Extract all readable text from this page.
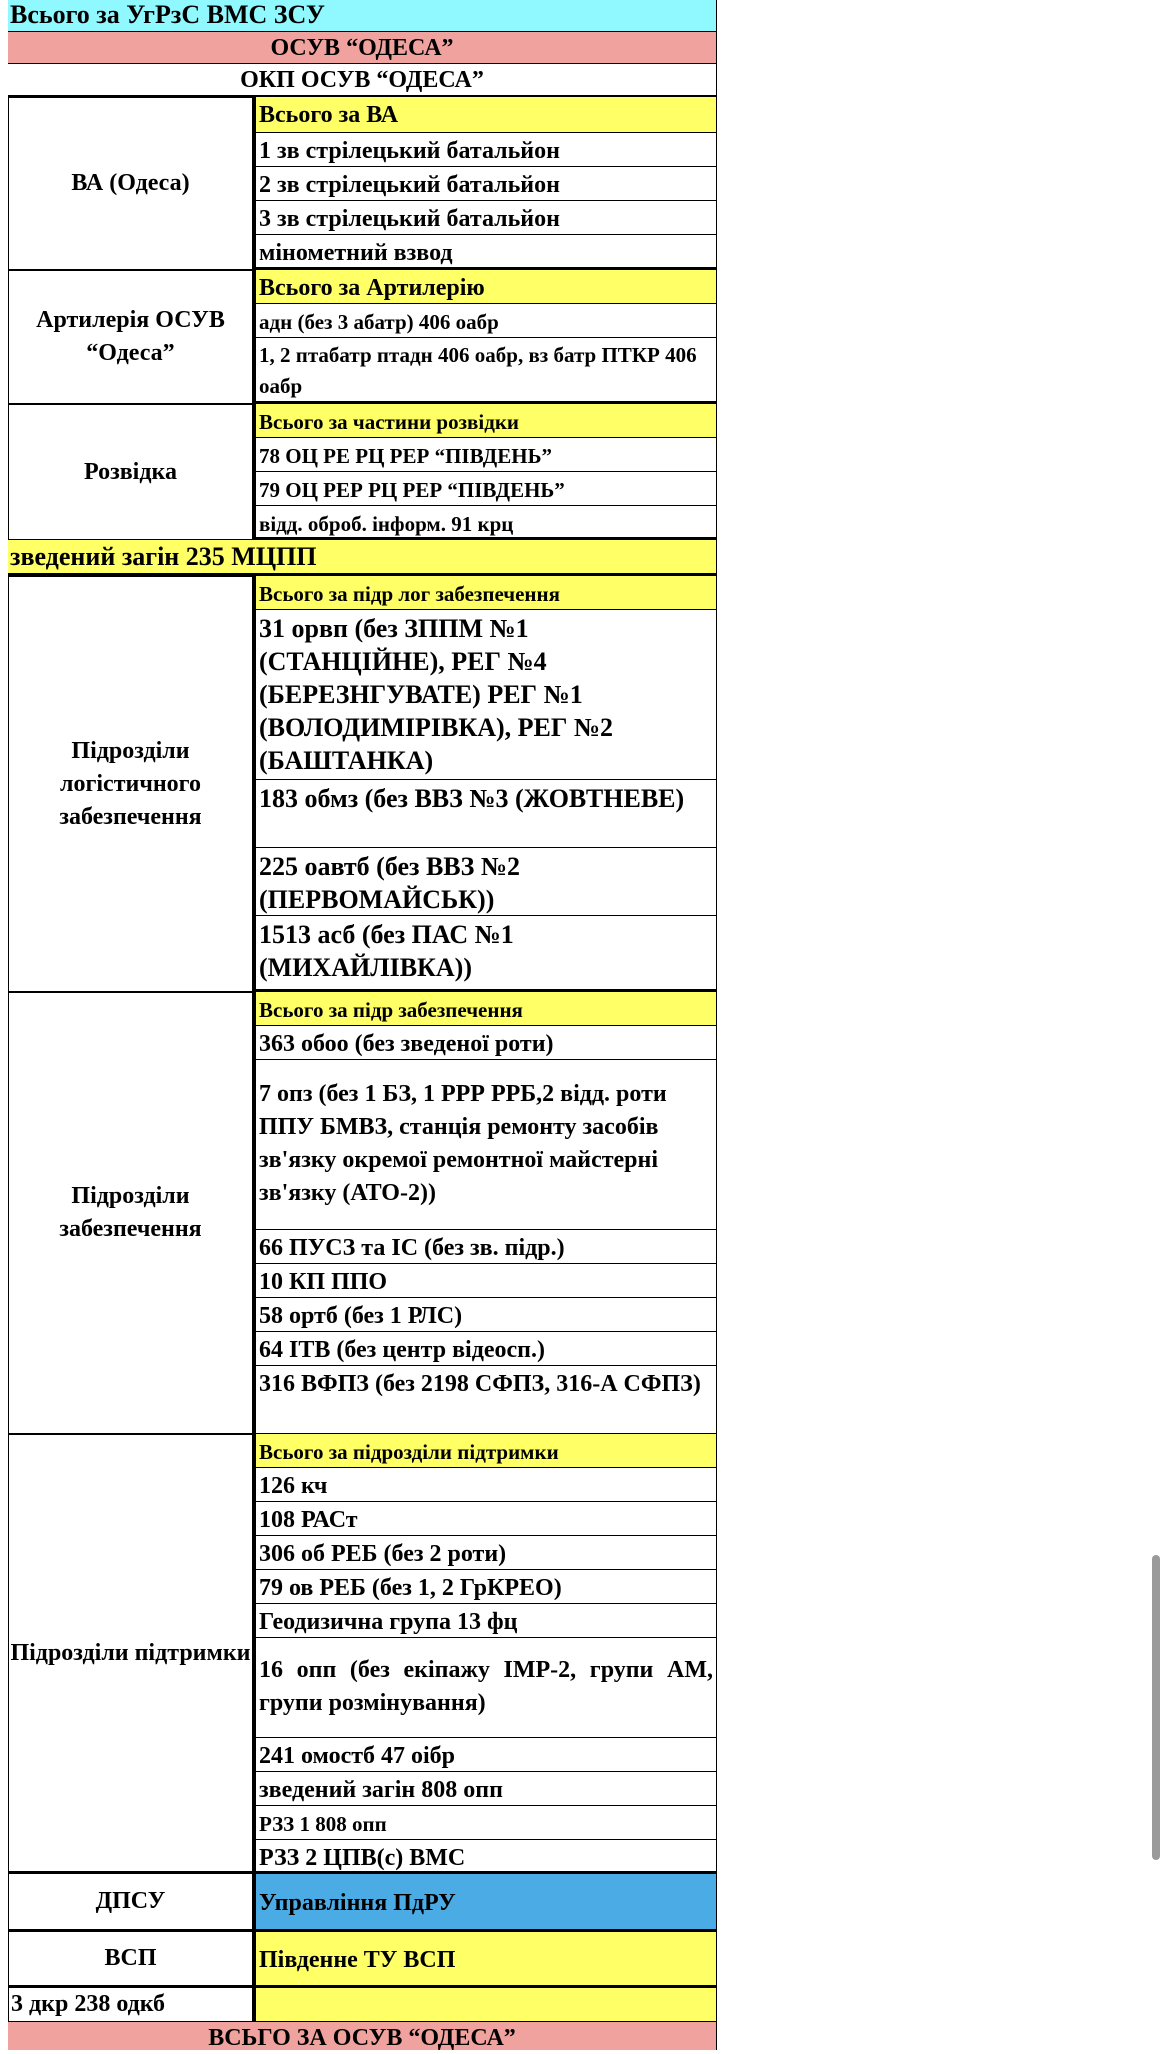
Всього за УгРзС ВМС ЗСУ
ОСУВ “ОДЕСА”
ОКП ОСУВ “ОДЕСА”
ВА (Одеса)
Всього за ВА
1 зв стрілецький батальйон
2 зв стрілецький батальйон
3 зв стрілецький батальйон
мінометний взвод
Артилерія ОСУВ “Одеса”
Всього за Артилерію
адн (без 3 абатр) 406 оабр
1, 2 птабатр птадн 406 оабр, вз батр ПТКР 406 оабр
Розвідка
Всього за частини розвідки
78 ОЦ РЕ РЦ РЕР “ПІВДЕНЬ”
79 ОЦ РЕР РЦ РЕР “ПІВДЕНЬ”
відд. оброб. інформ. 91 крц
зведений загін 235 МЦПП
Підрозділи логістичного забезпечення
Всього за підр лог забезпечення
31 орвп (без ЗППМ №1 (СТАНЦІЙНЕ), РЕГ №4 (БЕРЕЗНГУВАТЕ) РЕГ №1 (ВОЛОДИМІРІВКА), РЕГ №2 (БАШТАНКА)
183 обмз (без ВВЗ №3 (ЖОВТНЕВЕ)
225 оавтб (без ВВЗ №2 (ПЕРВОМАЙСЬК))
1513 асб (без ПАС №1 (МИХАЙЛІВКА))
Підрозділи забезпечення
Всього за підр забезпечення
363 обоо (без зведеної роти)
7 опз (без 1 БЗ, 1 РРР РРБ,2 відд. роти ППУ БМВЗ, станція ремонту засобів зв'язку окремої ремонтної майстерні зв'язку (АТО-2))
66 ПУСЗ та ІС (без зв. підр.)
10 КП ППО
58 ортб (без 1 РЛС)
64 ІТВ (без центр відеосп.)
316 ВФПЗ (без 2198 СФПЗ, 316-А СФПЗ)
Підрозділи підтримки
Всього за підрозділи підтримки
126 кч
108 РАСт
306 об РЕБ (без 2 роти)
79 ов РЕБ (без 1, 2 ГрКРЕО)
Геодизична група 13 фц
16 опп (без екіпажу ІМР-2, групи АМ, групи розмінування)
241 омостб 47 оібр
зведений загін 808 опп
РЗЗ 1 808 опп
РЗЗ 2 ЦПВ(с) ВМС
ДПСУ	Управління ПдРУ
ВСП	Південне ТУ ВСП
3 дкр 238 одкб
ВСЬГО ЗА ОСУВ “ОДЕСА”
